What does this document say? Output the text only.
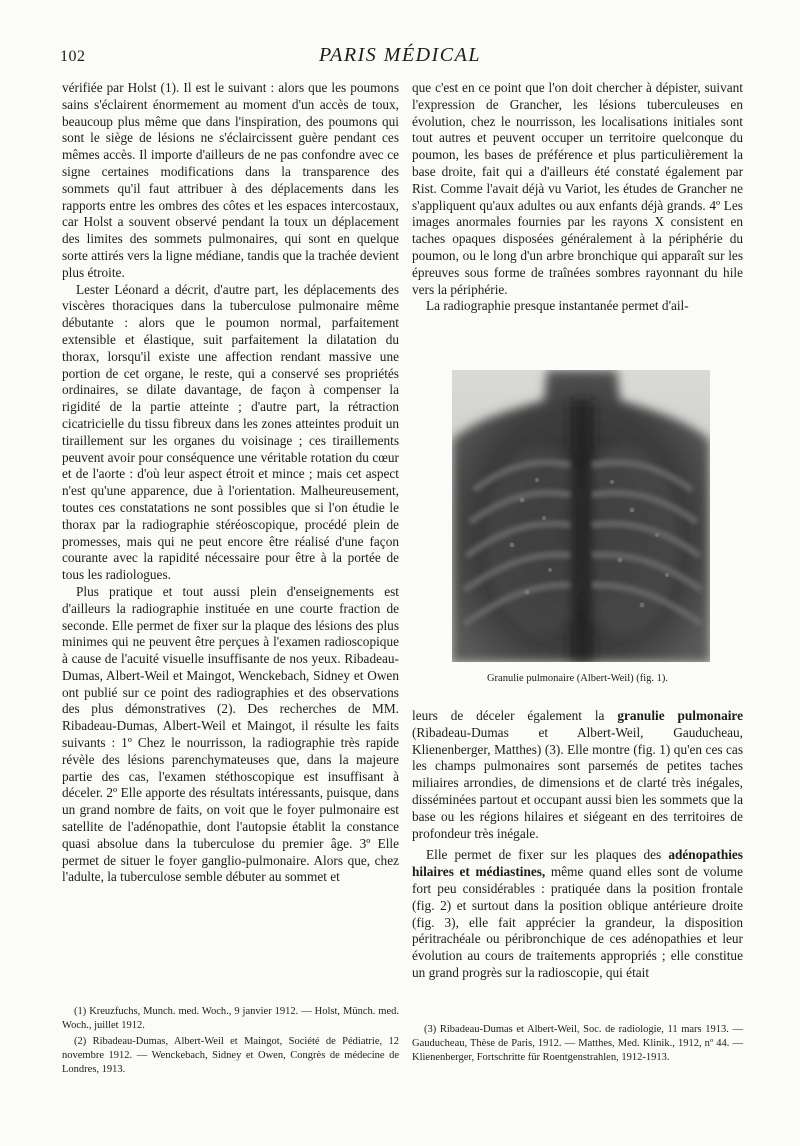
102	PARIS MÉDICAL

vérifiée par Holst (1). Il est le suivant : alors que les poumons sains s'éclairent énormement au moment d'un accès de toux, beaucoup plus même que dans l'inspiration, des poumons qui sont le siège de lésions ne s'éclaircissent guère pendant ces mêmes accès. Il importe d'ailleurs de ne pas confondre avec ce signe certaines modifications dans la transparence des sommets qu'il faut attribuer à des déplacements dans les rapports entre les ombres des côtes et les espaces intercostaux, car Holst a souvent observé pendant la toux un déplacement des limites des sommets pulmonaires, qui sont en quelque sorte attirés vers la ligne médiane, tandis que la trachée devient plus étroite.

Lester Léonard a décrit, d'autre part, les déplacements des viscères thoraciques dans la tuberculose pulmonaire même débutante : alors que le poumon normal, parfaitement extensible et élastique, suit parfaitement la dilatation du thorax, lorsqu'il existe une affection rendant massive une portion de cet organe, le reste, qui a conservé ses propriétés ordinaires, se dilate davantage, de façon à compenser la rigidité de la partie atteinte ; d'autre part, la rétraction cicatricielle du tissu fibreux dans les zones atteintes produit un tiraillement sur les organes du voisinage ; ces tiraillements peuvent avoir pour conséquence une véritable rotation du cœur et de l'aorte : d'où leur aspect étroit et mince ; mais cet aspect n'est qu'une apparence, due à l'orientation. Malheureusement, toutes ces constatations ne sont possibles que si l'on étudie le thorax par la radiographie stéréoscopique, procédé plein de promesses, mais qui ne peut encore être réalisé d'une façon courante avec la rapidité nécessaire pour être à la portée de tous les radiologues.

Plus pratique et tout aussi plein d'enseignements est d'ailleurs la radiographie instituée en une courte fraction de seconde. Elle permet de fixer sur la plaque des lésions des plus minimes qui ne peuvent être perçues à l'examen radioscopique à cause de l'acuité visuelle insuffisante de nos yeux. Ribadeau-Dumas, Albert-Weil et Maingot, Wenckebach, Sidney et Owen ont publié sur ce point des radiographies et des observations des plus démonstratives (2). Des recherches de MM. Ribadeau-Dumas, Albert-Weil et Maingot, il résulte les faits suivants : 1º Chez le nourrisson, la radiographie très rapide révèle des lésions parenchymateuses que, dans la majeure partie des cas, l'examen stéthoscopique est insuffisant à déceler. 2º Elle apporte des résultats intéressants, puisque, dans un grand nombre de faits, on voit que le foyer pulmonaire est satellite de l'adénopathie, dont l'autopsie établit la constance quasi absolue dans la tuberculose du premier âge. 3º Elle permet de situer le foyer ganglio-pulmonaire. Alors que, chez l'adulte, la tuberculose semble débuter au sommet et

que c'est en ce point que l'on doit chercher à dépister, suivant l'expression de Grancher, les lésions tuberculeuses en évolution, chez le nourrisson, les localisations initiales sont tout autres et peuvent occuper un territoire quelconque du poumon, les bases de préférence et plus particulièrement la base droite, fait qui a d'ailleurs été constaté également par Rist. Comme l'avait déjà vu Variot, les études de Grancher ne s'appliquent qu'aux adultes ou aux enfants déjà grands. 4º Les images anormales fournies par les rayons X consistent en taches opaques disposées généralement à la périphérie du poumon, ou le long d'un arbre bronchique qui apparaît sur les épreuves sous forme de traînées sombres rayonnant du hile vers la périphérie.

La radiographie presque instantanée permet d'ail-

Granulie pulmonaire (Albert-Weil) (fig. 1).

leurs de déceler également la granulie pulmonaire (Ribadeau-Dumas et Albert-Weil, Gauducheau, Klienenberger, Matthes) (3). Elle montre (fig. 1) qu'en ces cas les champs pulmonaires sont parsemés de petites taches miliaires arrondies, de dimensions et de clarté très inégales, disséminées partout et occupant aussi bien les sommets que la base ou les régions hilaires et siégeant en des territoires de profondeur très inégale.

Elle permet de fixer sur les plaques des adénopathies hilaires et médiastines, même quand elles sont de volume fort peu considérables : pratiquée dans la position frontale (fig. 2) et surtout dans la position oblique antérieure droite (fig. 3), elle fait apprécier la grandeur, la disposition péritrachéale ou péribronchique de ces adénopathies et leur évolution au cours de traitements appropriés ; elle constitue un grand progrès sur la radioscopie, qui était

(1) Kreuzfuchs, Munch. med. Woch., 9 janvier 1912. — Holst, Münch. med. Woch., juillet 1912.

(2) Ribadeau-Dumas, Albert-Weil et Maingot, Société de Pédiatrie, 12 novembre 1912. — Wenckebach, Sidney et Owen, Congrès de médecine de Londres, 1913.

(3) Ribadeau-Dumas et Albert-Weil, Soc. de radiologie, 11 mars 1913. — Gauducheau, Thèse de Paris, 1912. — Matthes, Med. Klinik., 1912, nº 44. — Klienenberger, Fortschritte für Roentgenstrahlen, 1912-1913.
